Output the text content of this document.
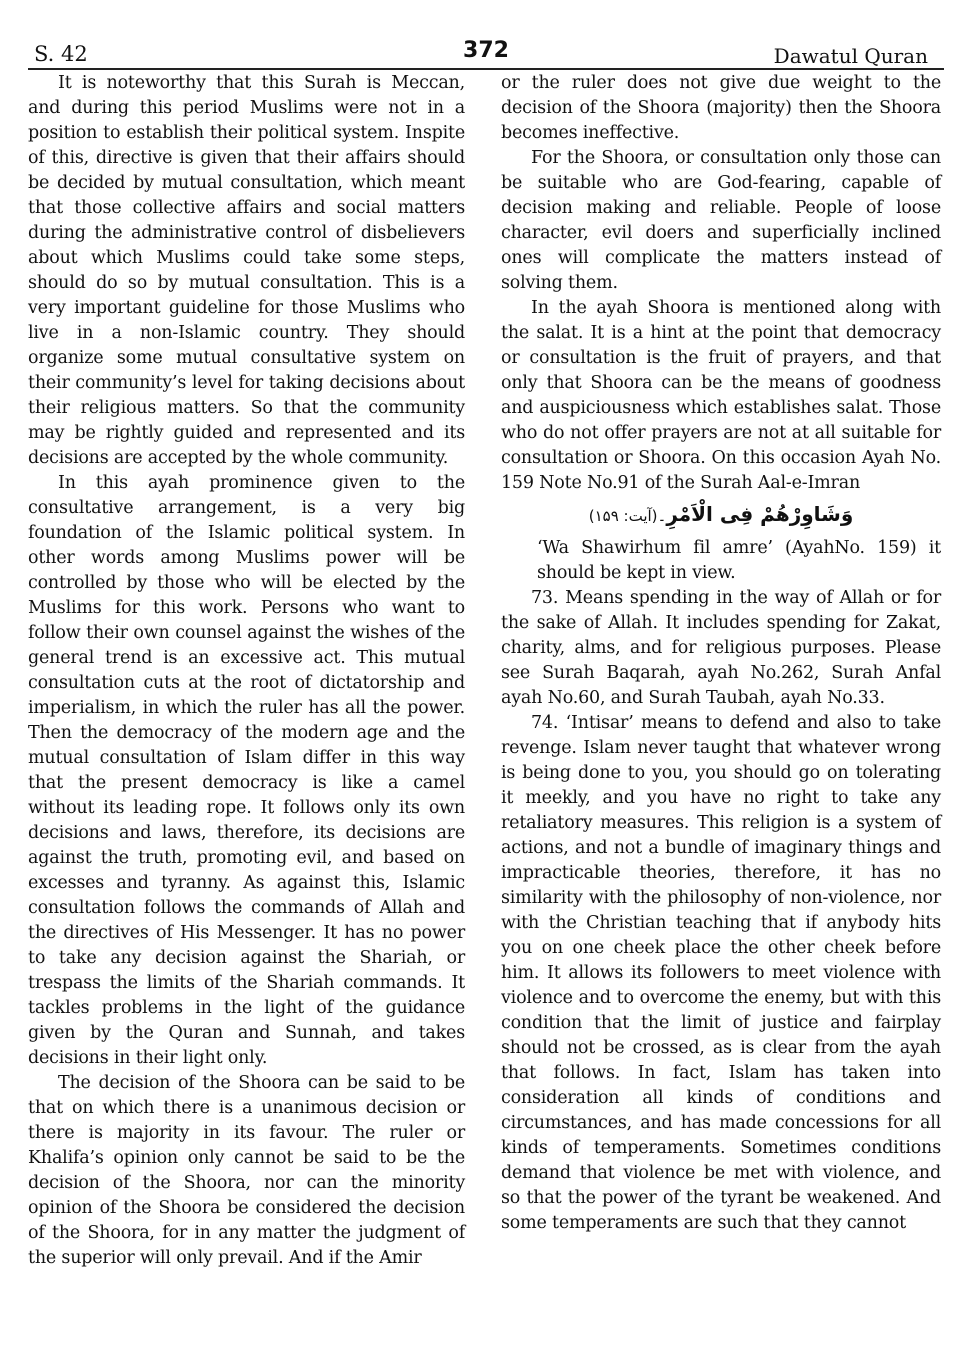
S. 42	372	Dawatul Quran

It is noteworthy that this Surah is Meccan, and during this period Muslims were not in a position to establish their political system. Inspite of this, directive is given that their affairs should be decided by mutual consultation, which meant that those collective affairs and social matters during the administrative control of disbelievers about which Muslims could take some steps, should do so by mutual consultation. This is a very important guideline for those Muslims who live in a non-Islamic country. They should organize some mutual consultative system on their community’s level for taking decisions about their religious matters. So that the community may be rightly guided and represented and its decisions are accepted by the whole community.

In this ayah prominence given to the consultative arrangement, is a very big foundation of the Islamic political system. In other words among Muslims power will be controlled by those who will be elected by the Muslims for this work. Persons who want to follow their own counsel against the wishes of the general trend is an excessive act. This mutual consultation cuts at the root of dictatorship and imperialism, in which the ruler has all the power. Then the democracy of the modern age and the mutual consultation of Islam differ in this way that the present democracy is like a camel without its leading rope. It follows only its own decisions and laws, therefore, its decisions are against the truth, promoting evil, and based on excesses and tyranny. As against this, Islamic consultation follows the commands of Allah and the directives of His Messenger. It has no power to take any decision against the Shariah, or trespass the limits of the Shariah commands. It tackles problems in the light of the guidance given by the Quran and Sunnah, and takes decisions in their light only.

The decision of the Shoora can be said to be that on which there is a unanimous decision or there is majority in its favour. The ruler or Khalifa’s opinion only cannot be said to be the decision of the Shoora, nor can the minority opinion of the Shoora be considered the decision of the Shoora, for in any matter the judgment of the superior will only prevail. And if the Amir

or the ruler does not give due weight to the decision of the Shoora (majority) then the Shoora becomes ineffective.

For the Shoora, or consultation only those can be suitable who are God-fearing, capable of decision making and reliable. People of loose character, evil doers and superficially inclined ones will complicate the matters instead of solving them.

In the ayah Shoora is mentioned along with the salat. It is a hint at the point that democracy or consultation is the fruit of prayers, and that only that Shoora can be the means of goodness and auspiciousness which establishes salat. Those who do not offer prayers are not at all suitable for consultation or Shoora. On this occasion Ayah No. 159 Note No.91 of the Surah Aal-e-Imran

وَشَاوِرْهُمْ فِى الْاَمْرِ۔(آیت: ۱۵۹)

‘Wa Shawirhum fil amre’ (AyahNo. 159) it should be kept in view.

73. Means spending in the way of Allah or for the sake of Allah. It includes spending for Zakat, charity, alms, and for religious purposes. Please see Surah Baqarah, ayah No.262, Surah Anfal ayah No.60, and Surah Taubah, ayah No.33.

74. ‘Intisar’ means to defend and also to take revenge. Islam never taught that whatever wrong is being done to you, you should go on tolerating it meekly, and you have no right to take any retaliatory measures. This religion is a system of actions, and not a bundle of imaginary things and impracticable theories, therefore, it has no similarity with the philosophy of non-violence, nor with the Christian teaching that if anybody hits you on one cheek place the other cheek before him. It allows its followers to meet violence with violence and to overcome the enemy, but with this condition that the limit of justice and fairplay should not be crossed, as is clear from the ayah that follows. In fact, Islam has taken into consideration all kinds of conditions and circumstances, and has made concessions for all kinds of temperaments. Sometimes conditions demand that violence be met with violence, and so that the power of the tyrant be weakened. And some temperaments are such that they cannot
